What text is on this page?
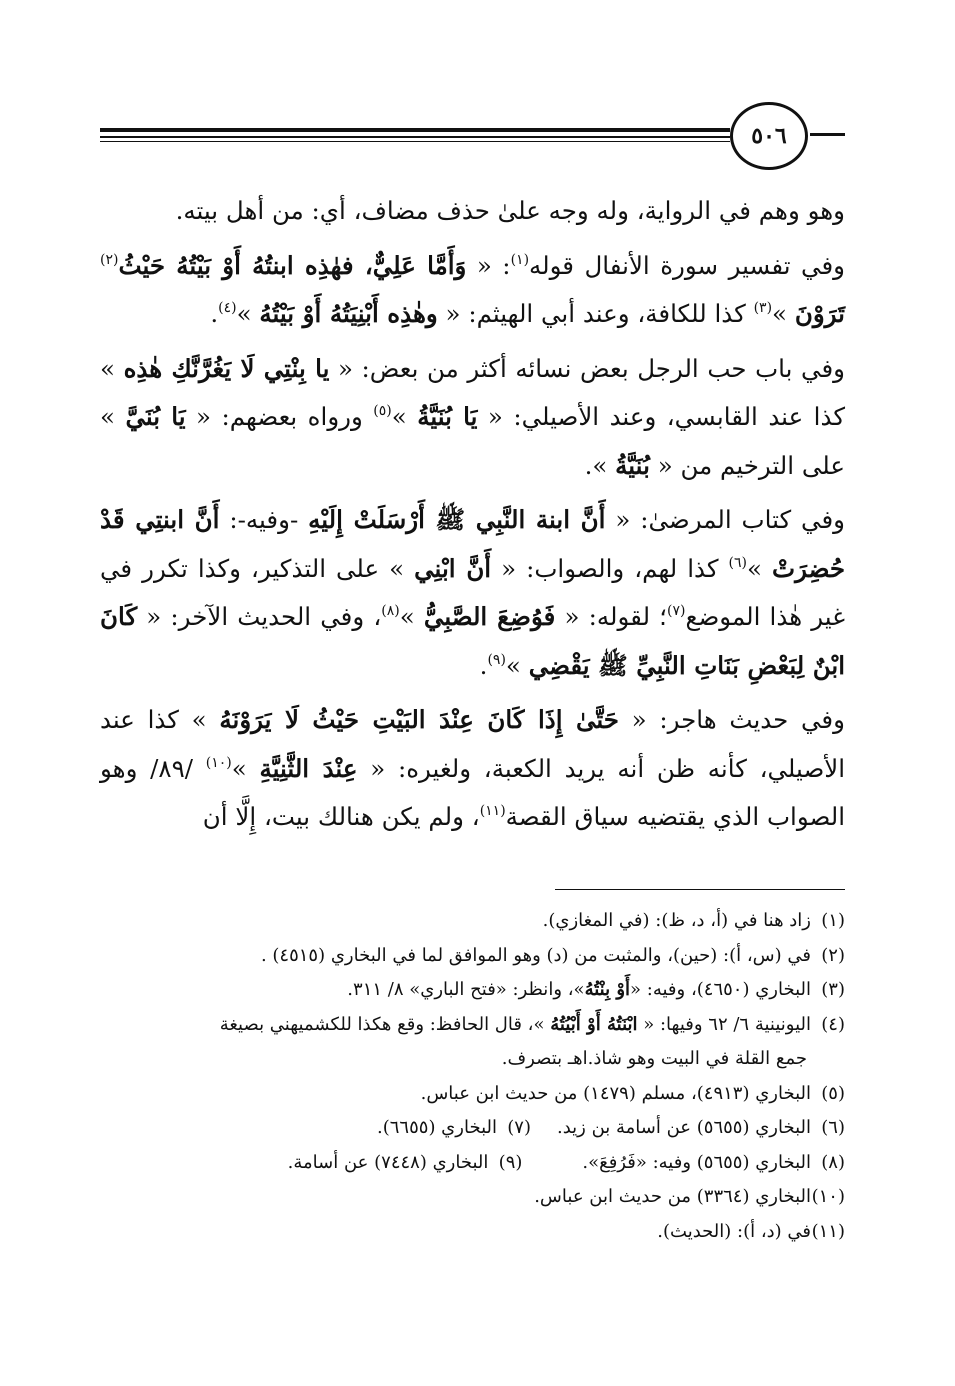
٥٠٦

وهو وهم في الرواية، وله وجه علىٰ حذف مضاف، أي: من أهل بيته.

وفي تفسير سورة الأنفال قوله$^{(١)}$: « وَأَمَّا عَلِيٌّ، فهٰذِه ابنتُهُ أَوْ بَيْتُهُ حَيْثُ$^{(٢)}$ تَرَوْنَ »$^{(٣)}$ كذا للكافة، وعند أبي الهيثم: « وهٰذِه أَبْنِيَتُهُ أَوْ بَيْتُهُ »$^{(٤)}$.

وفي باب حب الرجل بعض نسائه أكثر من بعض: « يا بِنْتِي لَا يَغُرَّنَّكِ هٰذِه » كذا عند القابسي، وعند الأصيلي: « يَا بُنَيَّةُ »$^{(٥)}$ ورواه بعضهم: « يَا بُنَيَّ » على الترخيم من « بُنَيَّةُ ».

وفي كتاب المرضىٰ: « أَنَّ ابنة النَّبِي ﷺ أَرْسَلَتْ إِلَيْهِ -وفيه-: أَنَّ ابنتِي قَدْ حُضِرَتْ »$^{(٦)}$ كذا لهم، والصواب: « أَنَّ ابْنِي » على التذكير، وكذا تكرر في غير هٰذا الموضع$^{(٧)}$؛ لقوله: « فَوُضِعَ الصَّبِيُّ »$^{(٨)}$، وفي الحديث الآخر: « كَانَ ابْنٌ لِبَعْضِ بَنَاتِ النَّبِيِّ ﷺ يَقْضِي »$^{(٩)}$.

وفي حديث هاجر: « حَتَّىٰ إِذَا كَانَ عِنْدَ البَيْتِ حَيْثُ لَا يَرَوْنَهُ » كذا عند الأصيلي، كأنه ظن أنه يريد الكعبة، ولغيره: « عِنْدَ الثَّنِيَّةِ »$^{(١٠)}$ /٨٩/ وهو الصواب الذي يقتضيه سياق القصة$^{(١١)}$، ولم يكن هنالك بيت، إِلَّا أن

(١)زاد هنا في (أ، د، ظ): (في المغازي).
(٢)في (س، أ): (حين)، والمثبت من (د) وهو الموافق لما في البخاري (٤٥١٥) .
(٣)البخاري (٤٦٥٠)، وفيه: «أَوْ بِنْتُهُ»، وانظر: «فتح الباري» ٨/ ٣١١.
(٤)اليونينية ٦/ ٦٢ وفيها: « ابْنَتُهُ أَوْ أَبْيُتُهُ »، قال الحافظ: وقع هكذا للكشميهني بصيغة
جمع القلة في البيت وهو شاذ.اهـ بتصرف.
(٥)البخاري (٤٩١٣)، مسلم (١٤٧٩) من حديث ابن عباس.
(٦)البخاري (٥٦٥٥) عن أسامة بن زيد.(٧)البخاري (٦٦٥٥).
(٨)البخاري (٥٦٥٥) وفيه: «فَرُفِعَ».(٩)البخاري (٧٤٤٨) عن أسامة.
(١٠)البخاري (٣٣٦٤) من حديث ابن عباس.
(١١)في (د، أ): (الحديث).
